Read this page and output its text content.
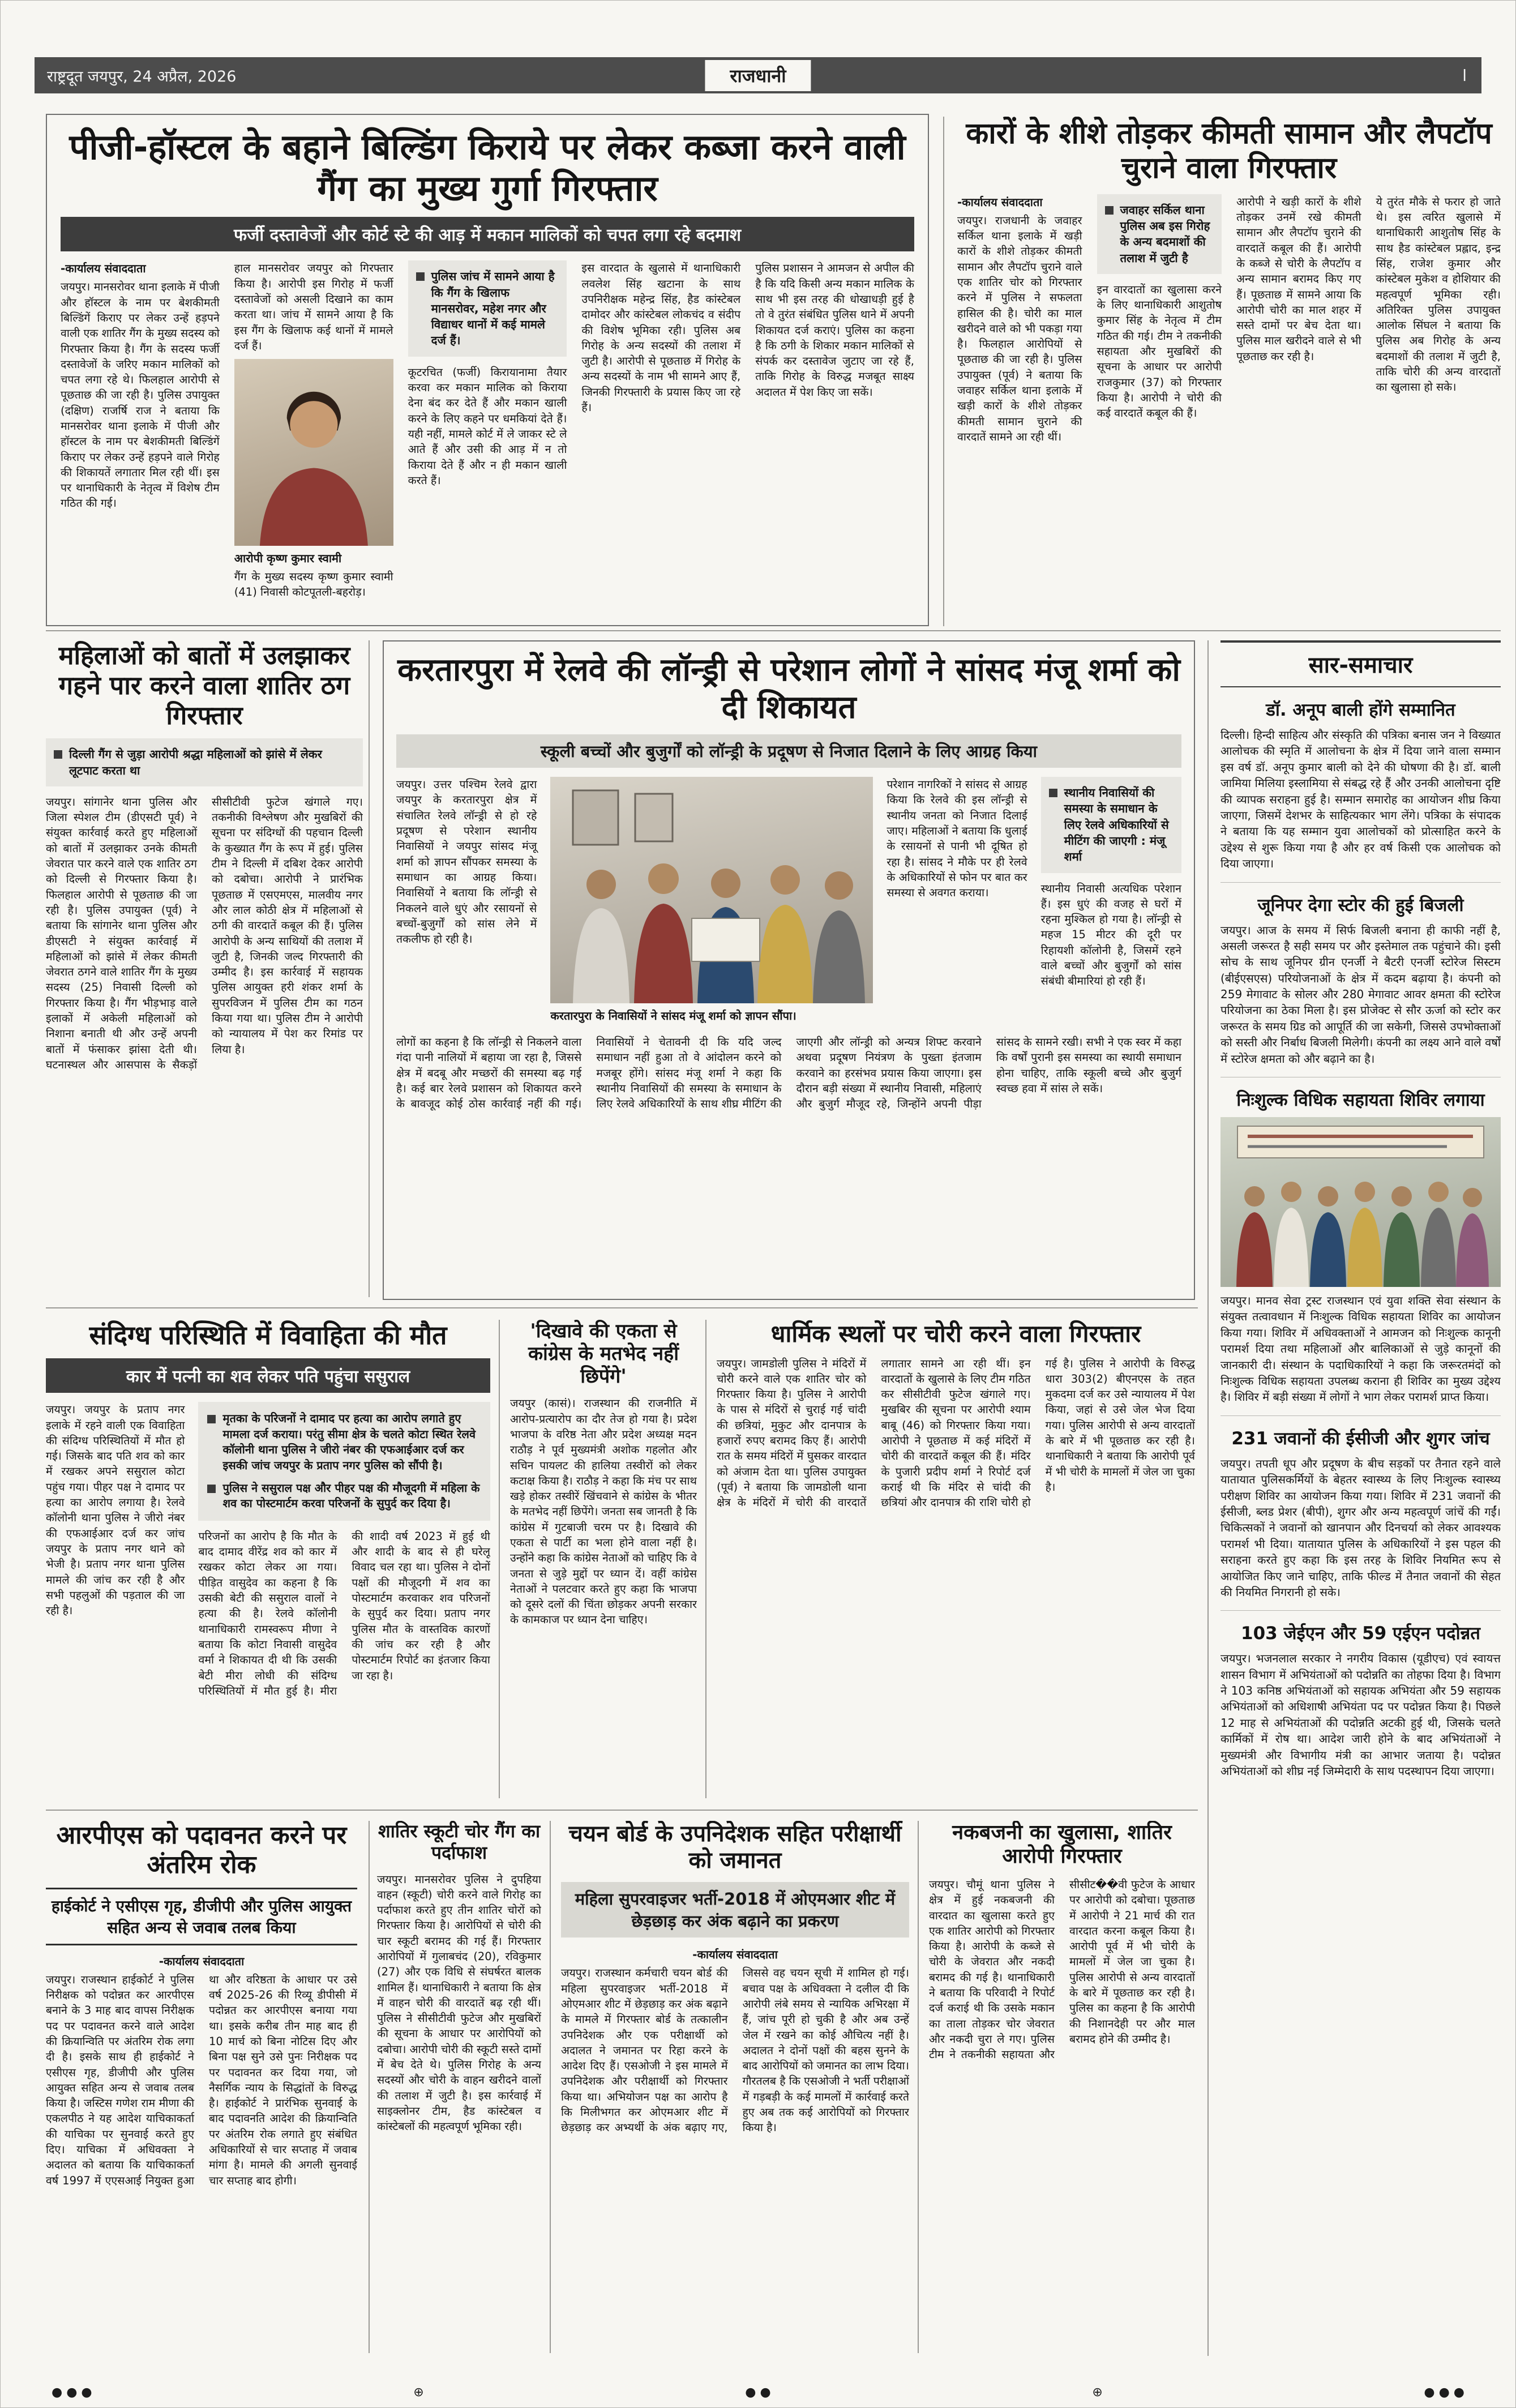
राष्ट्रदूत जयपुर, 24 अप्रैल, 2026	राजधानी	l
पीजी-हॉस्टल के बहाने बिल्डिंग किराये पर लेकर कब्जा करने वाली गैंग का मुख्य गुर्गा गिरफ्तार
फर्जी दस्तावेजों और कोर्ट स्टे की आड़ में मकान मालिकों को चपत लगा रहे बदमाश
-कार्यालय संवाददाता

जयपुर। मानसरोवर थाना इलाके में पीजी और हॉस्टल के नाम पर बेशकीमती बिल्डिंगें किराए पर लेकर उन्हें हड़पने वाली एक शातिर गैंग के मुख्य सदस्य को गिरफ्तार किया है। गैंग के सदस्य फर्जी दस्तावेजों के जरिए मकान मालिकों को चपत लगा रहे थे। फिलहाल आरोपी से पूछताछ की जा रही है। पुलिस उपायुक्त (दक्षिण) राजर्षि राज ने बताया कि मानसरोवर थाना इलाके में पीजी और हॉस्टल के नाम पर बेशकीमती बिल्डिंगें किराए पर लेकर उन्हें हड़पने वाले गिरोह की शिकायतें लगातार मिल रही थीं। इस पर थानाधिकारी के नेतृत्व में विशेष टीम गठित की गई।

हाल मानसरोवर जयपुर को गिरफ्तार किया है। आरोपी इस गिरोह में फर्जी दस्तावेजों को असली दिखाने का काम करता था। जांच में सामने आया है कि इस गैंग के खिलाफ कई थानों में मामले दर्ज हैं।

आरोपी कृष्ण कुमार स्वामी

गैंग के मुख्य सदस्य कृष्ण कुमार स्वामी (41) निवासी कोटपूतली-बहरोड़।

पुलिस जांच में सामने आया है कि गैंग के खिलाफ मानसरोवर, महेश नगर और विद्याधर थानों में कई मामले दर्ज हैं।

कूटरचित (फर्जी) किरायानामा तैयार करवा कर मकान मालिक को किराया देना बंद कर देते हैं और मकान खाली करने के लिए कहने पर धमकियां देते हैं। यही नहीं, मामले कोर्ट में ले जाकर स्टे ले आते हैं और उसी की आड़ में न तो किराया देते हैं और न ही मकान खाली करते हैं।

इस वारदात के खुलासे में थानाधिकारी लवलेश सिंह खटाना के साथ उपनिरीक्षक महेन्द्र सिंह, हैड कांस्टेबल दामोदर और कांस्टेबल लोकचंद व संदीप की विशेष भूमिका रही। पुलिस अब गिरोह के अन्य सदस्यों की तलाश में जुटी है। आरोपी से पूछताछ में गिरोह के अन्य सदस्यों के नाम भी सामने आए हैं, जिनकी गिरफ्तारी के प्रयास किए जा रहे हैं।

पुलिस प्रशासन ने आमजन से अपील की है कि यदि किसी अन्य मकान मालिक के साथ भी इस तरह की धोखाधड़ी हुई है तो वे तुरंत संबंधित पुलिस थाने में अपनी शिकायत दर्ज कराएं। पुलिस का कहना है कि ठगी के शिकार मकान मालिकों से संपर्क कर दस्तावेज जुटाए जा रहे हैं, ताकि गिरोह के विरुद्ध मजबूत साक्ष्य अदालत में पेश किए जा सकें।

कारों के शीशे तोड़कर कीमती सामान और लैपटॉप चुराने वाला गिरफ्तार
-कार्यालय संवाददाता

जयपुर। राजधानी के जवाहर सर्किल थाना इलाके में खड़ी कारों के शीशे तोड़कर कीमती सामान और लैपटॉप चुराने वाले एक शातिर चोर को गिरफ्तार करने में पुलिस ने सफलता हासिल की है। चोरी का माल खरीदने वाले को भी पकड़ा गया है। फिलहाल आरोपियों से पूछताछ की जा रही है। पुलिस उपायुक्त (पूर्व) ने बताया कि जवाहर सर्किल थाना इलाके में खड़ी कारों के शीशे तोड़कर कीमती सामान चुराने की वारदातें सामने आ रही थीं।

जवाहर सर्किल थाना पुलिस अब इस गिरोह के अन्य बदमाशों की तलाश में जुटी है

इन वारदातों का खुलासा करने के लिए थानाधिकारी आशुतोष कुमार सिंह के नेतृत्व में टीम गठित की गई। टीम ने तकनीकी सहायता और मुखबिरों की सूचना के आधार पर आरोपी राजकुमार (37) को गिरफ्तार किया है। आरोपी ने चोरी की कई वारदातें कबूल की हैं।

आरोपी ने खड़ी कारों के शीशे तोड़कर उनमें रखे कीमती सामान और लैपटॉप चुराने की वारदातें कबूल की हैं। आरोपी के कब्जे से चोरी के लैपटॉप व अन्य सामान बरामद किए गए हैं। पूछताछ में सामने आया कि आरोपी चोरी का माल शहर में सस्ते दामों पर बेच देता था। पुलिस माल खरीदने वाले से भी पूछताछ कर रही है।

ये तुरंत मौके से फरार हो जाते थे। इस त्वरित खुलासे में थानाधिकारी आशुतोष सिंह के साथ हैड कांस्टेबल प्रह्लाद, इन्द्र सिंह, राजेश कुमार और कांस्टेबल मुकेश व होशियार की महत्वपूर्ण भूमिका रही। अतिरिक्त पुलिस उपायुक्त आलोक सिंघल ने बताया कि पुलिस अब गिरोह के अन्य बदमाशों की तलाश में जुटी है, ताकि चोरी की अन्य वारदातों का खुलासा हो सके।

महिलाओं को बातों में उलझाकर गहने पार करने वाला शातिर ठग गिरफ्तार
दिल्ली गैंग से जुड़ा आरोपी श्रद्धा महिलाओं को झांसे में लेकर लूटपाट करता था

जयपुर। सांगानेर थाना पुलिस और जिला स्पेशल टीम (डीएसटी पूर्व) ने संयुक्त कार्रवाई करते हुए महिलाओं को बातों में उलझाकर उनके कीमती जेवरात पार करने वाले एक शातिर ठग को दिल्ली से गिरफ्तार किया है। फिलहाल आरोपी से पूछताछ की जा रही है। पुलिस उपायुक्त (पूर्व) ने बताया कि सांगानेर थाना पुलिस और डीएसटी ने संयुक्त कार्रवाई में महिलाओं को झांसे में लेकर कीमती जेवरात ठगने वाले शातिर गैंग के मुख्य सदस्य (25) निवासी दिल्ली को गिरफ्तार किया है। गैंग भीड़भाड़ वाले इलाकों में अकेली महिलाओं को निशाना बनाती थी और उन्हें अपनी बातों में फंसाकर झांसा देती थी। घटनास्थल और आसपास के सैकड़ों सीसीटीवी फुटेज खंगाले गए। तकनीकी विश्लेषण और मुखबिरों की सूचना पर संदिग्धों की पहचान दिल्ली के कुख्यात गैंग के रूप में हुई। पुलिस टीम ने दिल्ली में दबिश देकर आरोपी को दबोचा। आरोपी ने प्रारंभिक पूछताछ में एसएमएस, मालवीय नगर और लाल कोठी क्षेत्र में महिलाओं से ठगी की वारदातें कबूल की हैं। पुलिस आरोपी के अन्य साथियों की तलाश में जुटी है, जिनकी जल्द गिरफ्तारी की उम्मीद है। इस कार्रवाई में सहायक पुलिस आयुक्त हरी शंकर शर्मा के सुपरविजन में पुलिस टीम का गठन किया गया था। पुलिस टीम ने आरोपी को न्यायालय में पेश कर रिमांड पर लिया है।

करतारपुरा में रेलवे की लॉन्ड्री से परेशान लोगों ने सांसद मंजू शर्मा को दी शिकायत
स्कूली बच्चों और बुजुर्गों को लॉन्ड्री के प्रदूषण से निजात दिलाने के लिए आग्रह किया

जयपुर। उत्तर पश्चिम रेलवे द्वारा जयपुर के करतारपुरा क्षेत्र में संचालित रेलवे लॉन्ड्री से हो रहे प्रदूषण से परेशान स्थानीय निवासियों ने जयपुर सांसद मंजू शर्मा को ज्ञापन सौंपकर समस्या के समाधान का आग्रह किया। निवासियों ने बताया कि लॉन्ड्री से निकलने वाले धुएं और रसायनों से बच्चों-बुजुर्गों को सांस लेने में तकलीफ हो रही है।

करतारपुरा के निवासियों ने सांसद मंजू शर्मा को ज्ञापन सौंपा।

परेशान नागरिकों ने सांसद से आग्रह किया कि रेलवे की इस लॉन्ड्री से स्थानीय जनता को निजात दिलाई जाए। महिलाओं ने बताया कि धुलाई के रसायनों से पानी भी दूषित हो रहा है। सांसद ने मौके पर ही रेलवे के अधिकारियों से फोन पर बात कर समस्या से अवगत कराया।

स्थानीय निवासियों की समस्या के समाधान के लिए रेलवे अधिकारियों से मीटिंग की जाएगी : मंजू शर्मा

स्थानीय निवासी अत्यधिक परेशान हैं। इस धुएं की वजह से घरों में रहना मुश्किल हो गया है। लॉन्ड्री से महज 15 मीटर की दूरी पर रिहायशी कॉलोनी है, जिसमें रहने वाले बच्चों और बुजुर्गों को सांस संबंधी बीमारियां हो रही हैं।

लोगों का कहना है कि लॉन्ड्री से निकलने वाला गंदा पानी नालियों में बहाया जा रहा है, जिससे क्षेत्र में बदबू और मच्छरों की समस्या बढ़ गई है। कई बार रेलवे प्रशासन को शिकायत करने के बावजूद कोई ठोस कार्रवाई नहीं की गई। निवासियों ने चेतावनी दी कि यदि जल्द समाधान नहीं हुआ तो वे आंदोलन करने को मजबूर होंगे। सांसद मंजू शर्मा ने कहा कि स्थानीय निवासियों की समस्या के समाधान के लिए रेलवे अधिकारियों के साथ शीघ्र मीटिंग की जाएगी और लॉन्ड्री को अन्यत्र शिफ्ट करवाने अथवा प्रदूषण नियंत्रण के पुख्ता इंतजाम करवाने का हरसंभव प्रयास किया जाएगा। इस दौरान बड़ी संख्या में स्थानीय निवासी, महिलाएं और बुजुर्ग मौजूद रहे, जिन्होंने अपनी पीड़ा सांसद के सामने रखी। सभी ने एक स्वर में कहा कि वर्षों पुरानी इस समस्या का स्थायी समाधान होना चाहिए, ताकि स्कूली बच्चे और बुजुर्ग स्वच्छ हवा में सांस ले सकें।

सार-समाचार
डॉ. अनूप बाली होंगे सम्मानित

दिल्ली। हिन्दी साहित्य और संस्कृति की पत्रिका बनास जन ने विख्यात आलोचक की स्मृति में आलोचना के क्षेत्र में दिया जाने वाला सम्मान इस वर्ष डॉ. अनूप कुमार बाली को देने की घोषणा की है। डॉ. बाली जामिया मिलिया इस्लामिया से संबद्ध रहे हैं और उनकी आलोचना दृष्टि की व्यापक सराहना हुई है। सम्मान समारोह का आयोजन शीघ्र किया जाएगा, जिसमें देशभर के साहित्यकार भाग लेंगे। पत्रिका के संपादक ने बताया कि यह सम्मान युवा आलोचकों को प्रोत्साहित करने के उद्देश्य से शुरू किया गया है और हर वर्ष किसी एक आलोचक को दिया जाएगा।

जूनिपर देगा स्टोर की हुई बिजली

जयपुर। आज के समय में सिर्फ बिजली बनाना ही काफी नहीं है, असली जरूरत है सही समय पर और इस्तेमाल तक पहुंचाने की। इसी सोच के साथ जूनिपर ग्रीन एनर्जी ने बैटरी एनर्जी स्टोरेज सिस्टम (बीईएसएस) परियोजनाओं के क्षेत्र में कदम बढ़ाया है। कंपनी को 259 मेगावाट के सोलर और 280 मेगावाट आवर क्षमता की स्टोरेज परियोजना का ठेका मिला है। इस प्रोजेक्ट से सौर ऊर्जा को स्टोर कर जरूरत के समय ग्रिड को आपूर्ति की जा सकेगी, जिससे उपभोक्ताओं को सस्ती और निर्बाध बिजली मिलेगी। कंपनी का लक्ष्य आने वाले वर्षों में स्टोरेज क्षमता को और बढ़ाने का है।

निःशुल्क विधिक सहायता शिविर लगाया

जयपुर। मानव सेवा ट्रस्ट राजस्थान एवं युवा शक्ति सेवा संस्थान के संयुक्त तत्वावधान में निःशुल्क विधिक सहायता शिविर का आयोजन किया गया। शिविर में अधिवक्ताओं ने आमजन को निःशुल्क कानूनी परामर्श दिया तथा महिलाओं और बालिकाओं से जुड़े कानूनों की जानकारी दी। संस्थान के पदाधिकारियों ने कहा कि जरूरतमंदों को निःशुल्क विधिक सहायता उपलब्ध कराना ही शिविर का मुख्य उद्देश्य है। शिविर में बड़ी संख्या में लोगों ने भाग लेकर परामर्श प्राप्त किया।

231 जवानों की ईसीजी और शुगर जांच

जयपुर। तपती धूप और प्रदूषण के बीच सड़कों पर तैनात रहने वाले यातायात पुलिसकर्मियों के बेहतर स्वास्थ्य के लिए निःशुल्क स्वास्थ्य परीक्षण शिविर का आयोजन किया गया। शिविर में 231 जवानों की ईसीजी, ब्लड प्रेशर (बीपी), शुगर और अन्य महत्वपूर्ण जांचें की गईं। चिकित्सकों ने जवानों को खानपान और दिनचर्या को लेकर आवश्यक परामर्श भी दिया। यातायात पुलिस के अधिकारियों ने इस पहल की सराहना करते हुए कहा कि इस तरह के शिविर नियमित रूप से आयोजित किए जाने चाहिए, ताकि फील्ड में तैनात जवानों की सेहत की नियमित निगरानी हो सके।

103 जेईएन और 59 एईएन पदोन्नत

जयपुर। भजनलाल सरकार ने नगरीय विकास (यूडीएच) एवं स्वायत्त शासन विभाग में अभियंताओं को पदोन्नति का तोहफा दिया है। विभाग ने 103 कनिष्ठ अभियंताओं को सहायक अभियंता और 59 सहायक अभियंताओं को अधिशाषी अभियंता पद पर पदोन्नत किया है। पिछले 12 माह से अभियंताओं की पदोन्नति अटकी हुई थी, जिसके चलते कार्मिकों में रोष था। आदेश जारी होने के बाद अभियंताओं ने मुख्यमंत्री और विभागीय मंत्री का आभार जताया है। पदोन्नत अभियंताओं को शीघ्र नई जिम्मेदारी के साथ पदस्थापन दिया जाएगा।

संदिग्ध परिस्थिति में विवाहिता की मौत
कार में पत्नी का शव लेकर पति पहुंचा ससुराल

जयपुर। जयपुर के प्रताप नगर इलाके में रहने वाली एक विवाहिता की संदिग्ध परिस्थितियों में मौत हो गई। जिसके बाद पति शव को कार में रखकर अपने ससुराल कोटा पहुंच गया। पीहर पक्ष ने दामाद पर हत्या का आरोप लगाया है। रेलवे कॉलोनी थाना पुलिस ने जीरो नंबर की एफआईआर दर्ज कर जांच जयपुर के प्रताप नगर थाने को भेजी है। प्रताप नगर थाना पुलिस मामले की जांच कर रही है और सभी पहलुओं की पड़ताल की जा रही है।

मृतका के परिजनों ने दामाद पर हत्या का आरोप लगाते हुए मामला दर्ज कराया। परंतु सीमा क्षेत्र के चलते कोटा स्थित रेलवे कॉलोनी थाना पुलिस ने जीरो नंबर की एफआईआर दर्ज कर इसकी जांच जयपुर के प्रताप नगर पुलिस को सौंपी है।
पुलिस ने ससुराल पक्ष और पीहर पक्ष की मौजूदगी में महिला के शव का पोस्टमार्टम करवा परिजनों के सुपुर्द कर दिया है।

परिजनों का आरोप है कि मौत के बाद दामाद वीरेंद्र शव को कार में रखकर कोटा लेकर आ गया। पीड़ित वासुदेव का कहना है कि उसकी बेटी की ससुराल वालों ने हत्या की है। रेलवे कॉलोनी थानाधिकारी रामस्वरूप मीणा ने बताया कि कोटा निवासी वासुदेव वर्मा ने शिकायत दी थी कि उसकी बेटी मीरा लोधी की संदिग्ध परिस्थितियों में मौत हुई है। मीरा की शादी वर्ष 2023 में हुई थी और शादी के बाद से ही घरेलू विवाद चल रहा था। पुलिस ने दोनों पक्षों की मौजूदगी में शव का पोस्टमार्टम करवाकर शव परिजनों के सुपुर्द कर दिया। प्रताप नगर पुलिस मौत के वास्तविक कारणों की जांच कर रही है और पोस्टमार्टम रिपोर्ट का इंतजार किया जा रहा है।

'दिखावे की एकता से कांग्रेस के मतभेद नहीं छिपेंगे'

जयपुर (कासं)। राजस्थान की राजनीति में आरोप-प्रत्यारोप का दौर तेज हो गया है। प्रदेश भाजपा के वरिष्ठ नेता और प्रदेश अध्यक्ष मदन राठौड़ ने पूर्व मुख्यमंत्री अशोक गहलोत और सचिन पायलट की हालिया तस्वीरों को लेकर कटाक्ष किया है। राठौड़ ने कहा कि मंच पर साथ खड़े होकर तस्वीरें खिंचवाने से कांग्रेस के भीतर के मतभेद नहीं छिपेंगे। जनता सब जानती है कि कांग्रेस में गुटबाजी चरम पर है। दिखावे की एकता से पार्टी का भला होने वाला नहीं है। उन्होंने कहा कि कांग्रेस नेताओं को चाहिए कि वे जनता से जुड़े मुद्दों पर ध्यान दें। वहीं कांग्रेस नेताओं ने पलटवार करते हुए कहा कि भाजपा को दूसरे दलों की चिंता छोड़कर अपनी सरकार के कामकाज पर ध्यान देना चाहिए।

धार्मिक स्थलों पर चोरी करने वाला गिरफ्तार

जयपुर। जामडोली पुलिस ने मंदिरों में चोरी करने वाले एक शातिर चोर को गिरफ्तार किया है। पुलिस ने आरोपी के पास से मंदिरों से चुराई गई चांदी की छत्रियां, मुकुट और दानपात्र के हजारों रुपए बरामद किए हैं। आरोपी रात के समय मंदिरों में घुसकर वारदात को अंजाम देता था। पुलिस उपायुक्त (पूर्व) ने बताया कि जामडोली थाना क्षेत्र के मंदिरों में चोरी की वारदातें लगातार सामने आ रही थीं। इन वारदातों के खुलासे के लिए टीम गठित कर सीसीटीवी फुटेज खंगाले गए। मुखबिर की सूचना पर आरोपी श्याम बाबू (46) को गिरफ्तार किया गया। आरोपी ने पूछताछ में कई मंदिरों में चोरी की वारदातें कबूल की हैं। मंदिर के पुजारी प्रदीप शर्मा ने रिपोर्ट दर्ज कराई थी कि मंदिर से चांदी की छत्रियां और दानपात्र की राशि चोरी हो गई है। पुलिस ने आरोपी के विरुद्ध धारा 303(2) बीएनएस के तहत मुकदमा दर्ज कर उसे न्यायालय में पेश किया, जहां से उसे जेल भेज दिया गया। पुलिस आरोपी से अन्य वारदातों के बारे में भी पूछताछ कर रही है। थानाधिकारी ने बताया कि आरोपी पूर्व में भी चोरी के मामलों में जेल जा चुका है।

आरपीएस को पदावनत करने पर अंतरिम रोक
हाईकोर्ट ने एसीएस गृह, डीजीपी और पुलिस आयुक्त सहित अन्य से जवाब तलब किया
-कार्यालय संवाददाता

जयपुर। राजस्थान हाईकोर्ट ने पुलिस निरीक्षक को पदोन्नत कर आरपीएस बनाने के 3 माह बाद वापस निरीक्षक पद पर पदावनत करने वाले आदेश की क्रियान्विति पर अंतरिम रोक लगा दी है। इसके साथ ही हाईकोर्ट ने एसीएस गृह, डीजीपी और पुलिस आयुक्त सहित अन्य से जवाब तलब किया है। जस्टिस गणेश राम मीणा की एकलपीठ ने यह आदेश याचिकाकर्ता की याचिका पर सुनवाई करते हुए दिए। याचिका में अधिवक्ता ने अदालत को बताया कि याचिकाकर्ता वर्ष 1997 में एएसआई नियुक्त हुआ था और वरिष्ठता के आधार पर उसे वर्ष 2025-26 की रिव्यू डीपीसी में पदोन्नत कर आरपीएस बनाया गया था। इसके करीब तीन माह बाद ही 10 मार्च को बिना नोटिस दिए और बिना पक्ष सुने उसे पुनः निरीक्षक पद पर पदावनत कर दिया गया, जो नैसर्गिक न्याय के सिद्धांतों के विरुद्ध है। हाईकोर्ट ने प्रारंभिक सुनवाई के बाद पदावनति आदेश की क्रियान्विति पर अंतरिम रोक लगाते हुए संबंधित अधिकारियों से चार सप्ताह में जवाब मांगा है। मामले की अगली सुनवाई चार सप्ताह बाद होगी।

शातिर स्कूटी चोर गैंग का पर्दाफाश

जयपुर। मानसरोवर पुलिस ने दुपहिया वाहन (स्कूटी) चोरी करने वाले गिरोह का पर्दाफाश करते हुए तीन शातिर चोरों को गिरफ्तार किया है। आरोपियों से चोरी की चार स्कूटी बरामद की गई हैं। गिरफ्तार आरोपियों में गुलाबचंद (20), रविकुमार (27) और एक विधि से संघर्षरत बालक शामिल हैं। थानाधिकारी ने बताया कि क्षेत्र में वाहन चोरी की वारदातें बढ़ रही थीं। पुलिस ने सीसीटीवी फुटेज और मुखबिरों की सूचना के आधार पर आरोपियों को दबोचा। आरोपी चोरी की स्कूटी सस्ते दामों में बेच देते थे। पुलिस गिरोह के अन्य सदस्यों और चोरी के वाहन खरीदने वालों की तलाश में जुटी है। इस कार्रवाई में साइक्लोनर टीम, हैड कांस्टेबल व कांस्टेबलों की महत्वपूर्ण भूमिका रही।

चयन बोर्ड के उपनिदेशक सहित परीक्षार्थी को जमानत
महिला सुपरवाइजर भर्ती-2018 में ओएमआर शीट में छेड़छाड़ कर अंक बढ़ाने का प्रकरण
-कार्यालय संवाददाता

जयपुर। राजस्थान कर्मचारी चयन बोर्ड की महिला सुपरवाइजर भर्ती-2018 में ओएमआर शीट में छेड़छाड़ कर अंक बढ़ाने के मामले में गिरफ्तार बोर्ड के तत्कालीन उपनिदेशक और एक परीक्षार्थी को अदालत ने जमानत पर रिहा करने के आदेश दिए हैं। एसओजी ने इस मामले में उपनिदेशक और परीक्षार्थी को गिरफ्तार किया था। अभियोजन पक्ष का आरोप है कि मिलीभगत कर ओएमआर शीट में छेड़छाड़ कर अभ्यर्थी के अंक बढ़ाए गए, जिससे वह चयन सूची में शामिल हो गई। बचाव पक्ष के अधिवक्ता ने दलील दी कि आरोपी लंबे समय से न्यायिक अभिरक्षा में हैं, जांच पूरी हो चुकी है और अब उन्हें जेल में रखने का कोई औचित्य नहीं है। अदालत ने दोनों पक्षों की बहस सुनने के बाद आरोपियों को जमानत का लाभ दिया। गौरतलब है कि एसओजी ने भर्ती परीक्षाओं में गड़बड़ी के कई मामलों में कार्रवाई करते हुए अब तक कई आरोपियों को गिरफ्तार किया है।

नकबजनी का खुलासा, शातिर आरोपी गिरफ्तार

जयपुर। चौमूं थाना पुलिस ने क्षेत्र में हुई नकबजनी की वारदात का खुलासा करते हुए एक शातिर आरोपी को गिरफ्तार किया है। आरोपी के कब्जे से चोरी के जेवरात और नकदी बरामद की गई है। थानाधिकारी ने बताया कि परिवादी ने रिपोर्ट दर्ज कराई थी कि उसके मकान का ताला तोड़कर चोर जेवरात और नकदी चुरा ले गए। पुलिस टीम ने तकनीकी सहायता और सीसीट��वी फुटेज के आधार पर आरोपी को दबोचा। पूछताछ में आरोपी ने 21 मार्च की रात वारदात करना कबूल किया है। आरोपी पूर्व में भी चोरी के मामलों में जेल जा चुका है। पुलिस आरोपी से अन्य वारदातों के बारे में पूछताछ कर रही है। पुलिस का कहना है कि आरोपी की निशानदेही पर और माल बरामद होने की उम्मीद है।

● ● ●	⊕	● ●	⊕	● ● ●
